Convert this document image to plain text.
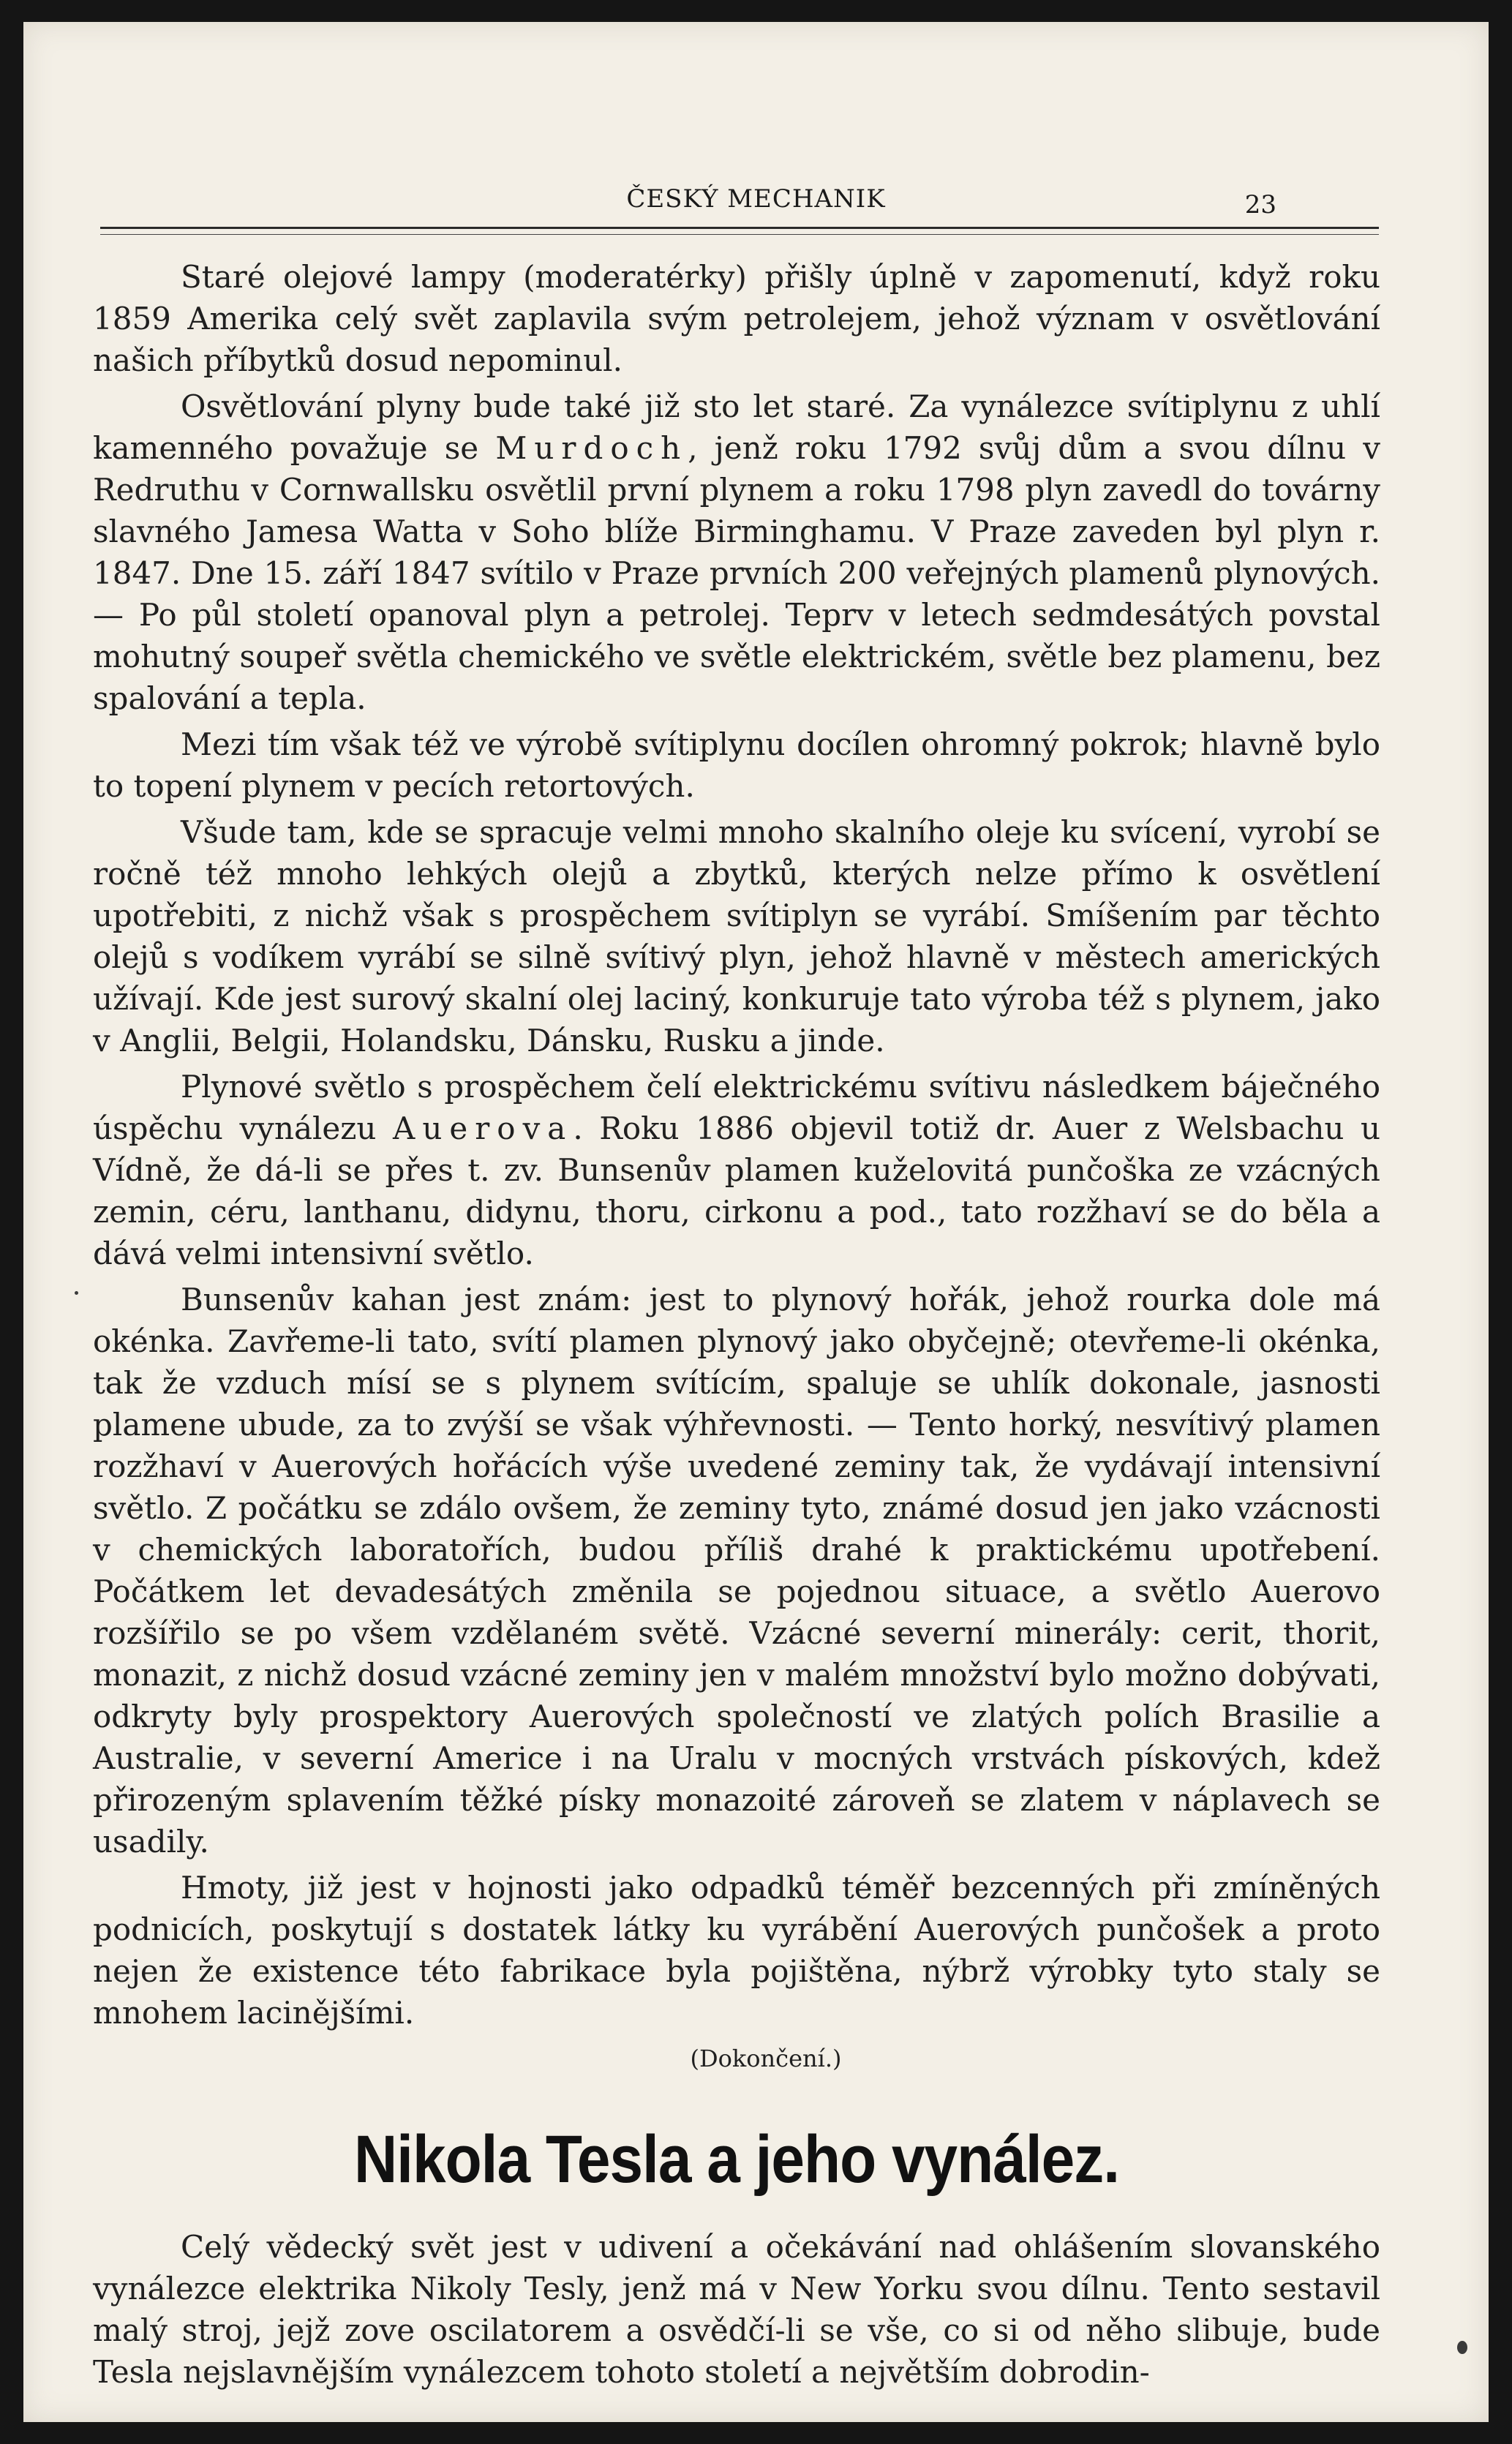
ČESKÝ MECHANIK	23

Staré olejové lampy (moderatérky) přišly úplně v zapomenutí, když roku 1859 Amerika celý svět zaplavila svým petrolejem, jehož význam v osvětlování našich příbytků dosud nepominul.

Osvětlování plyny bude také již sto let staré. Za vynálezce svítiplynu z uhlí kamenného považuje se Murdoch, jenž roku 1792 svůj dům a svou dílnu v Redruthu v Cornwallsku osvětlil první plynem a roku 1798 plyn zavedl do továrny slavného Jamesa Watta v Soho blíže Birminghamu. V Praze zaveden byl plyn r. 1847. Dne 15. září 1847 svítilo v Praze prvních 200 veřejných plamenů plynových. — Po půl století opanoval plyn a petrolej. Teprv v letech sedmdesátých povstal mohutný soupeř světla chemického ve světle elektrickém, světle bez plamenu, bez spalování a tepla.

Mezi tím však též ve výrobě svítiplynu docílen ohromný pokrok; hlavně bylo to topení plynem v pecích retortových.

Všude tam, kde se spracuje velmi mnoho skalního oleje ku svícení, vyrobí se ročně též mnoho lehkých olejů a zbytků, kterých nelze přímo k osvětlení upotřebiti, z nichž však s prospěchem svítiplyn se vyrábí. Smíšením par těchto olejů s vodíkem vyrábí se silně svítivý plyn, jehož hlavně v městech amerických užívají. Kde jest surový skalní olej laciný, konkuruje tato výroba též s plynem, jako v Anglii, Belgii, Holandsku, Dánsku, Rusku a jinde.

Plynové světlo s prospěchem čelí elektrickému svítivu následkem báječného úspěchu vynálezu Auerova. Roku 1886 objevil totiž dr. Auer z Welsbachu u Vídně, že dá-li se přes t. zv. Bunsenův plamen kuželovitá punčoška ze vzácných zemin, céru, lanthanu, didynu, thoru, cirkonu a pod., tato rozžhaví se do běla a dává velmi intensivní světlo.

Bunsenův kahan jest znám: jest to plynový hořák, jehož rourka dole má okénka. Zavřeme-li tato, svítí plamen plynový jako obyčejně; otevřeme-li okénka, tak že vzduch mísí se s plynem svítícím, spaluje se uhlík dokonale, jasnosti plamene ubude, za to zvýší se však výhřevnosti. — Tento horký, nesvítivý plamen rozžhaví v Auerových hořácích výše uvedené zeminy tak, že vydávají intensivní světlo. Z počátku se zdálo ovšem, že zeminy tyto, známé dosud jen jako vzácnosti v chemických laboratořích, budou příliš drahé k praktickému upotřebení. Počátkem let devadesátých změnila se pojednou situace, a světlo Auerovo rozšířilo se po všem vzdělaném světě. Vzácné severní minerály: cerit, thorit, monazit, z nichž dosud vzácné zeminy jen v malém množství bylo možno dobývati, odkryty byly prospektory Auerových společností ve zlatých polích Brasilie a Australie, v severní Americe i na Uralu v mocných vrstvách pískových, kdež přirozeným splavením těžké písky monazoité zároveň se zlatem v náplavech se usadily.

Hmoty, již jest v hojnosti jako odpadků téměř bezcenných při zmíněných podnicích, poskytují s dostatek látky ku vyrábění Auerových punčošek a proto nejen že existence této fabrikace byla pojištěna, nýbrž výrobky tyto staly se mnohem lacinějšími.

(Dokončení.)
Nikola Tesla a jeho vynález.

Celý vědecký svět jest v udivení a očekávání nad ohlášením slovanského vynálezce elektrika Nikoly Tesly, jenž má v New Yorku svou dílnu. Tento sestavil malý stroj, jejž zove oscilatorem a osvědčí-li se vše, co si od něho slibuje, bude Tesla nejslavnějším vynálezcem tohoto století a největším dobrodin-
